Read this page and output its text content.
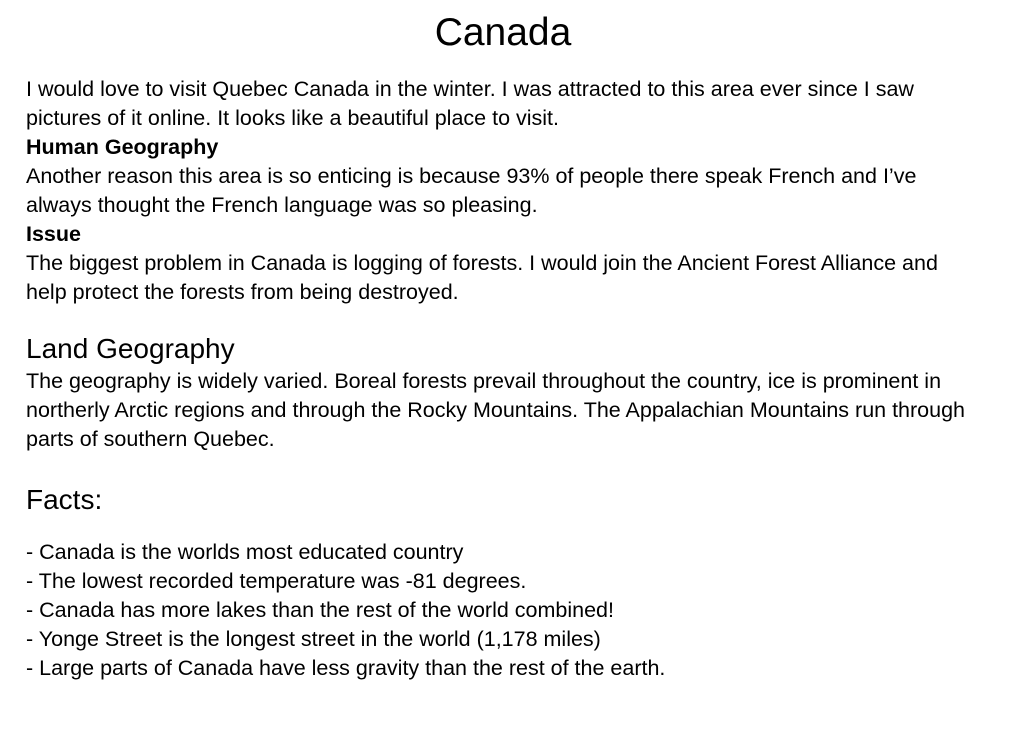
Canada

I would love to visit Quebec Canada in the winter. I was attracted to this area ever since I saw pictures of it online. It looks like a beautiful place to visit.

Human Geography

Another reason this area is so enticing is because 93% of people there speak French and I’ve always thought the French language was so pleasing.

Issue

The biggest problem in Canada is logging of forests. I would join the Ancient Forest Alliance and help protect the forests from being destroyed.

Land Geography

The geography is widely varied. Boreal forests prevail throughout the country, ice is prominent in northerly Arctic regions and through the Rocky Mountains. The Appalachian Mountains run through parts of southern Quebec.

Facts:
- Canada is the worlds most educated country
- The lowest recorded temperature was -81 degrees.
- Canada has more lakes than the rest of the world combined!
- Yonge Street is the longest street in the world (1,178 miles)
- Large parts of Canada have less gravity than the rest of the earth.
